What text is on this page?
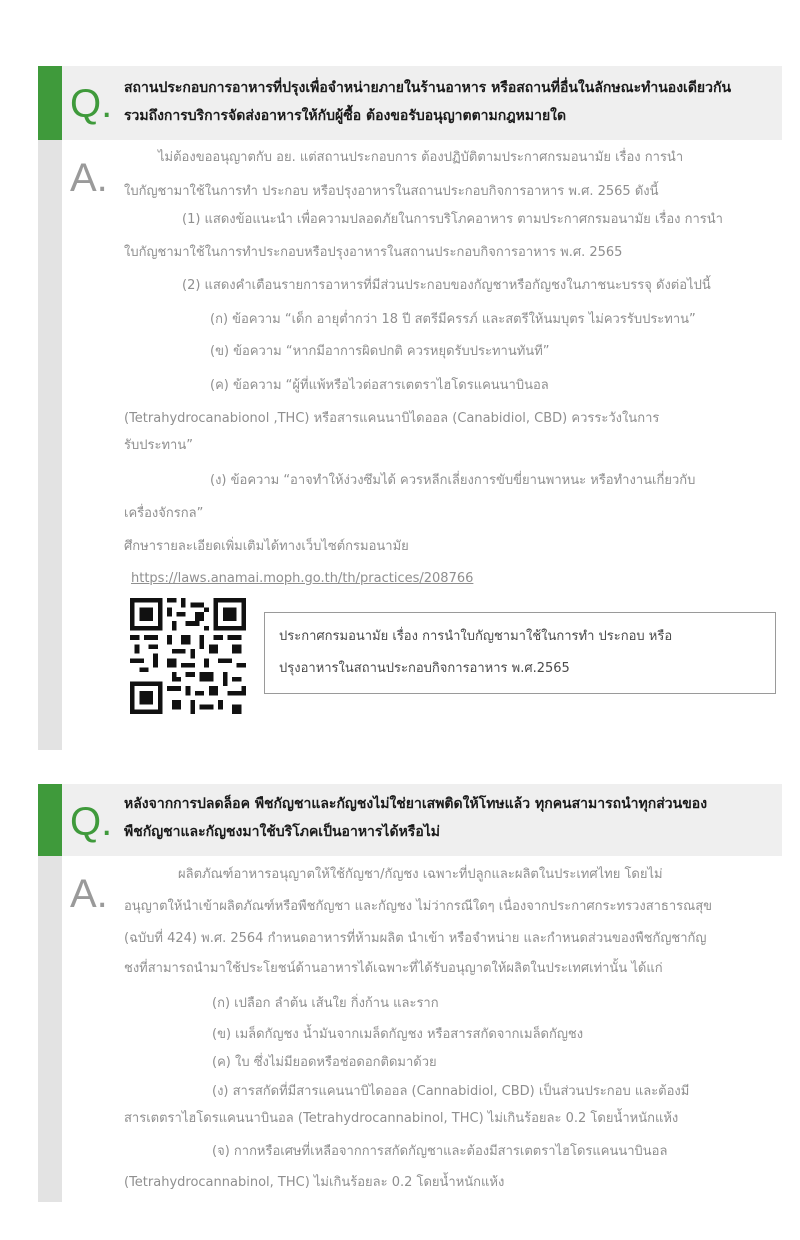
Q. สถานประกอบการอาหารที่ปรุงเพื่อจำหน่ายภายในร้านอาหาร หรือสถานที่อื่นในลักษณะทำนองเดียวกัน
รวมถึงการบริการจัดส่งอาหารให้กับผู้ซื้อ ต้องขอรับอนุญาตตามกฎหมายใด
A.	ไม่ต้องขออนุญาตกับ อย. แต่สถานประกอบการ ต้องปฏิบัติตามประกาศกรมอนามัย เรื่อง การนำ
ใบกัญชามาใช้ในการทำ ประกอบ หรือปรุงอาหารในสถานประกอบกิจการอาหาร พ.ศ. 2565 ดังนี้
(1) แสดงข้อแนะนำ เพื่อความปลอดภัยในการบริโภคอาหาร ตามประกาศกรมอนามัย เรื่อง การนำ
ใบกัญชามาใช้ในการทำประกอบหรือปรุงอาหารในสถานประกอบกิจการอาหาร พ.ศ. 2565
(2) แสดงคำเตือนรายการอาหารที่มีส่วนประกอบของกัญชาหรือกัญชงในภาชนะบรรจุ ดังต่อไปนี้
(ก) ข้อความ “เด็ก อายุต่ำกว่า 18 ปี สตรีมีครรภ์ และสตรีให้นมบุตร ไม่ควรรับประทาน”
(ข) ข้อความ “หากมีอาการผิดปกติ ควรหยุดรับประทานทันที”
(ค) ข้อความ “ผู้ที่แพ้หรือไวต่อสารเตตราไฮโดรแคนนาบินอล
(Tetrahydrocanabionol ,THC) หรือสารแคนนาบิไดออล (Canabidiol, CBD) ควรระวังในการ
รับประทาน”
(ง) ข้อความ “อาจทำให้ง่วงซึมได้ ควรหลีกเลี่ยงการขับขี่ยานพาหนะ หรือทำงานเกี่ยวกับ
เครื่องจักรกล”
ศึกษารายละเอียดเพิ่มเติมได้ทางเว็บไซต์กรมอนามัย
https://laws.anamai.moph.go.th/th/practices/208766
ประกาศกรมอนามัย เรื่อง การนำใบกัญชามาใช้ในการทำ ประกอบ หรือ
ปรุงอาหารในสถานประกอบกิจการอาหาร พ.ศ.2565
Q. หลังจากการปลดล็อค พืชกัญชาและกัญชงไม่ใช่ยาเสพติดให้โทษแล้ว ทุกคนสามารถนำทุกส่วนของ
พืชกัญชาและกัญชงมาใช้บริโภคเป็นอาหารได้หรือไม่
A.	ผลิตภัณฑ์อาหารอนุญาตให้ใช้กัญชา/กัญชง เฉพาะที่ปลูกและผลิตในประเทศไทย โดยไม่
อนุญาตให้นำเข้าผลิตภัณฑ์หรือพืชกัญชา และกัญชง ไม่ว่ากรณีใดๆ เนื่องจากประกาศกระทรวงสาธารณสุข
(ฉบับที่ 424) พ.ศ. 2564 กำหนดอาหารที่ห้ามผลิต นำเข้า หรือจำหน่าย และกำหนดส่วนของพืชกัญชากัญ
ชงที่สามารถนำมาใช้ประโยชน์ด้านอาหารได้เฉพาะที่ได้รับอนุญาตให้ผลิตในประเทศเท่านั้น ได้แก่
(ก) เปลือก ลำต้น เส้นใย กิ่งก้าน และราก
(ข) เมล็ดกัญชง น้ำมันจากเมล็ดกัญชง หรือสารสกัดจากเมล็ดกัญชง
(ค) ใบ ซึ่งไม่มียอดหรือช่อดอกติดมาด้วย
(ง) สารสกัดที่มีสารแคนนาบิไดออล (Cannabidiol, CBD) เป็นส่วนประกอบ และต้องมี
สารเตตราไฮโดรแคนนาบินอล (Tetrahydrocannabinol, THC) ไม่เกินร้อยละ 0.2 โดยน้ำหนักแห้ง
(จ) กากหรือเศษที่เหลือจากการสกัดกัญชาและต้องมีสารเตตราไฮโดรแคนนาบินอล
(Tetrahydrocannabinol, THC) ไม่เกินร้อยละ 0.2 โดยน้ำหนักแห้ง
